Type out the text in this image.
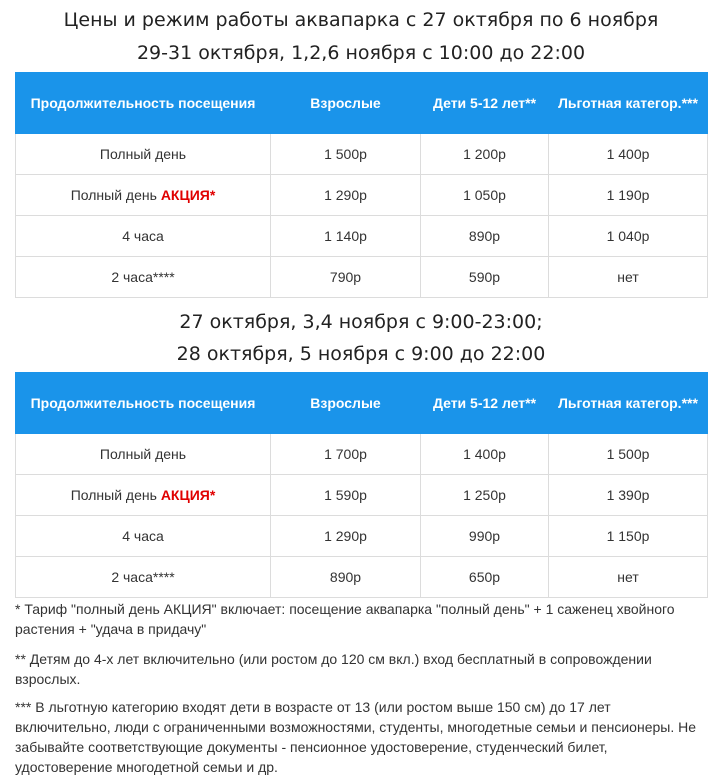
Цены и режим работы аквапарка с 27 октября по 6 ноября
29-31 октября, 1,2,6 ноября с 10:00 до 22:00
Продолжительность посещения	Взрослые	Дети 5-12 лет**	Льготная категор.***
Полный день	1 500р	1 200р	1 400р
Полный день АКЦИЯ*	1 290р	1 050р	1 190р
4 часа	1 140р	890р	1 040р
2 часа****	790р	590р	нет
27 октября, 3,4 ноября с 9:00-23:00;
28 октября, 5 ноября с 9:00 до 22:00
Продолжительность посещения	Взрослые	Дети 5-12 лет**	Льготная категор.***
Полный день	1 700р	1 400р	1 500р
Полный день АКЦИЯ*	1 590р	1 250р	1 390р
4 часа	1 290р	990р	1 150р
2 часа****	890р	650р	нет

* Тариф "полный день АКЦИЯ" включает: посещение аквапарка "полный день" + 1 саженец хвойного растения + "удача в придачу"

** Детям до 4-х лет включительно (или ростом до 120 см вкл.) вход бесплатный в сопровождении взрослых.

*** В льготную категорию входят дети в возрасте от 13 (или ростом выше 150 см) до 17 лет включительно, люди с ограниченными возможностями, студенты, многодетные семьи и пенсионеры. Не забывайте соответствующие документы - пенсионное удостоверение, студенческий билет, удостоверение многодетной семьи и др.
